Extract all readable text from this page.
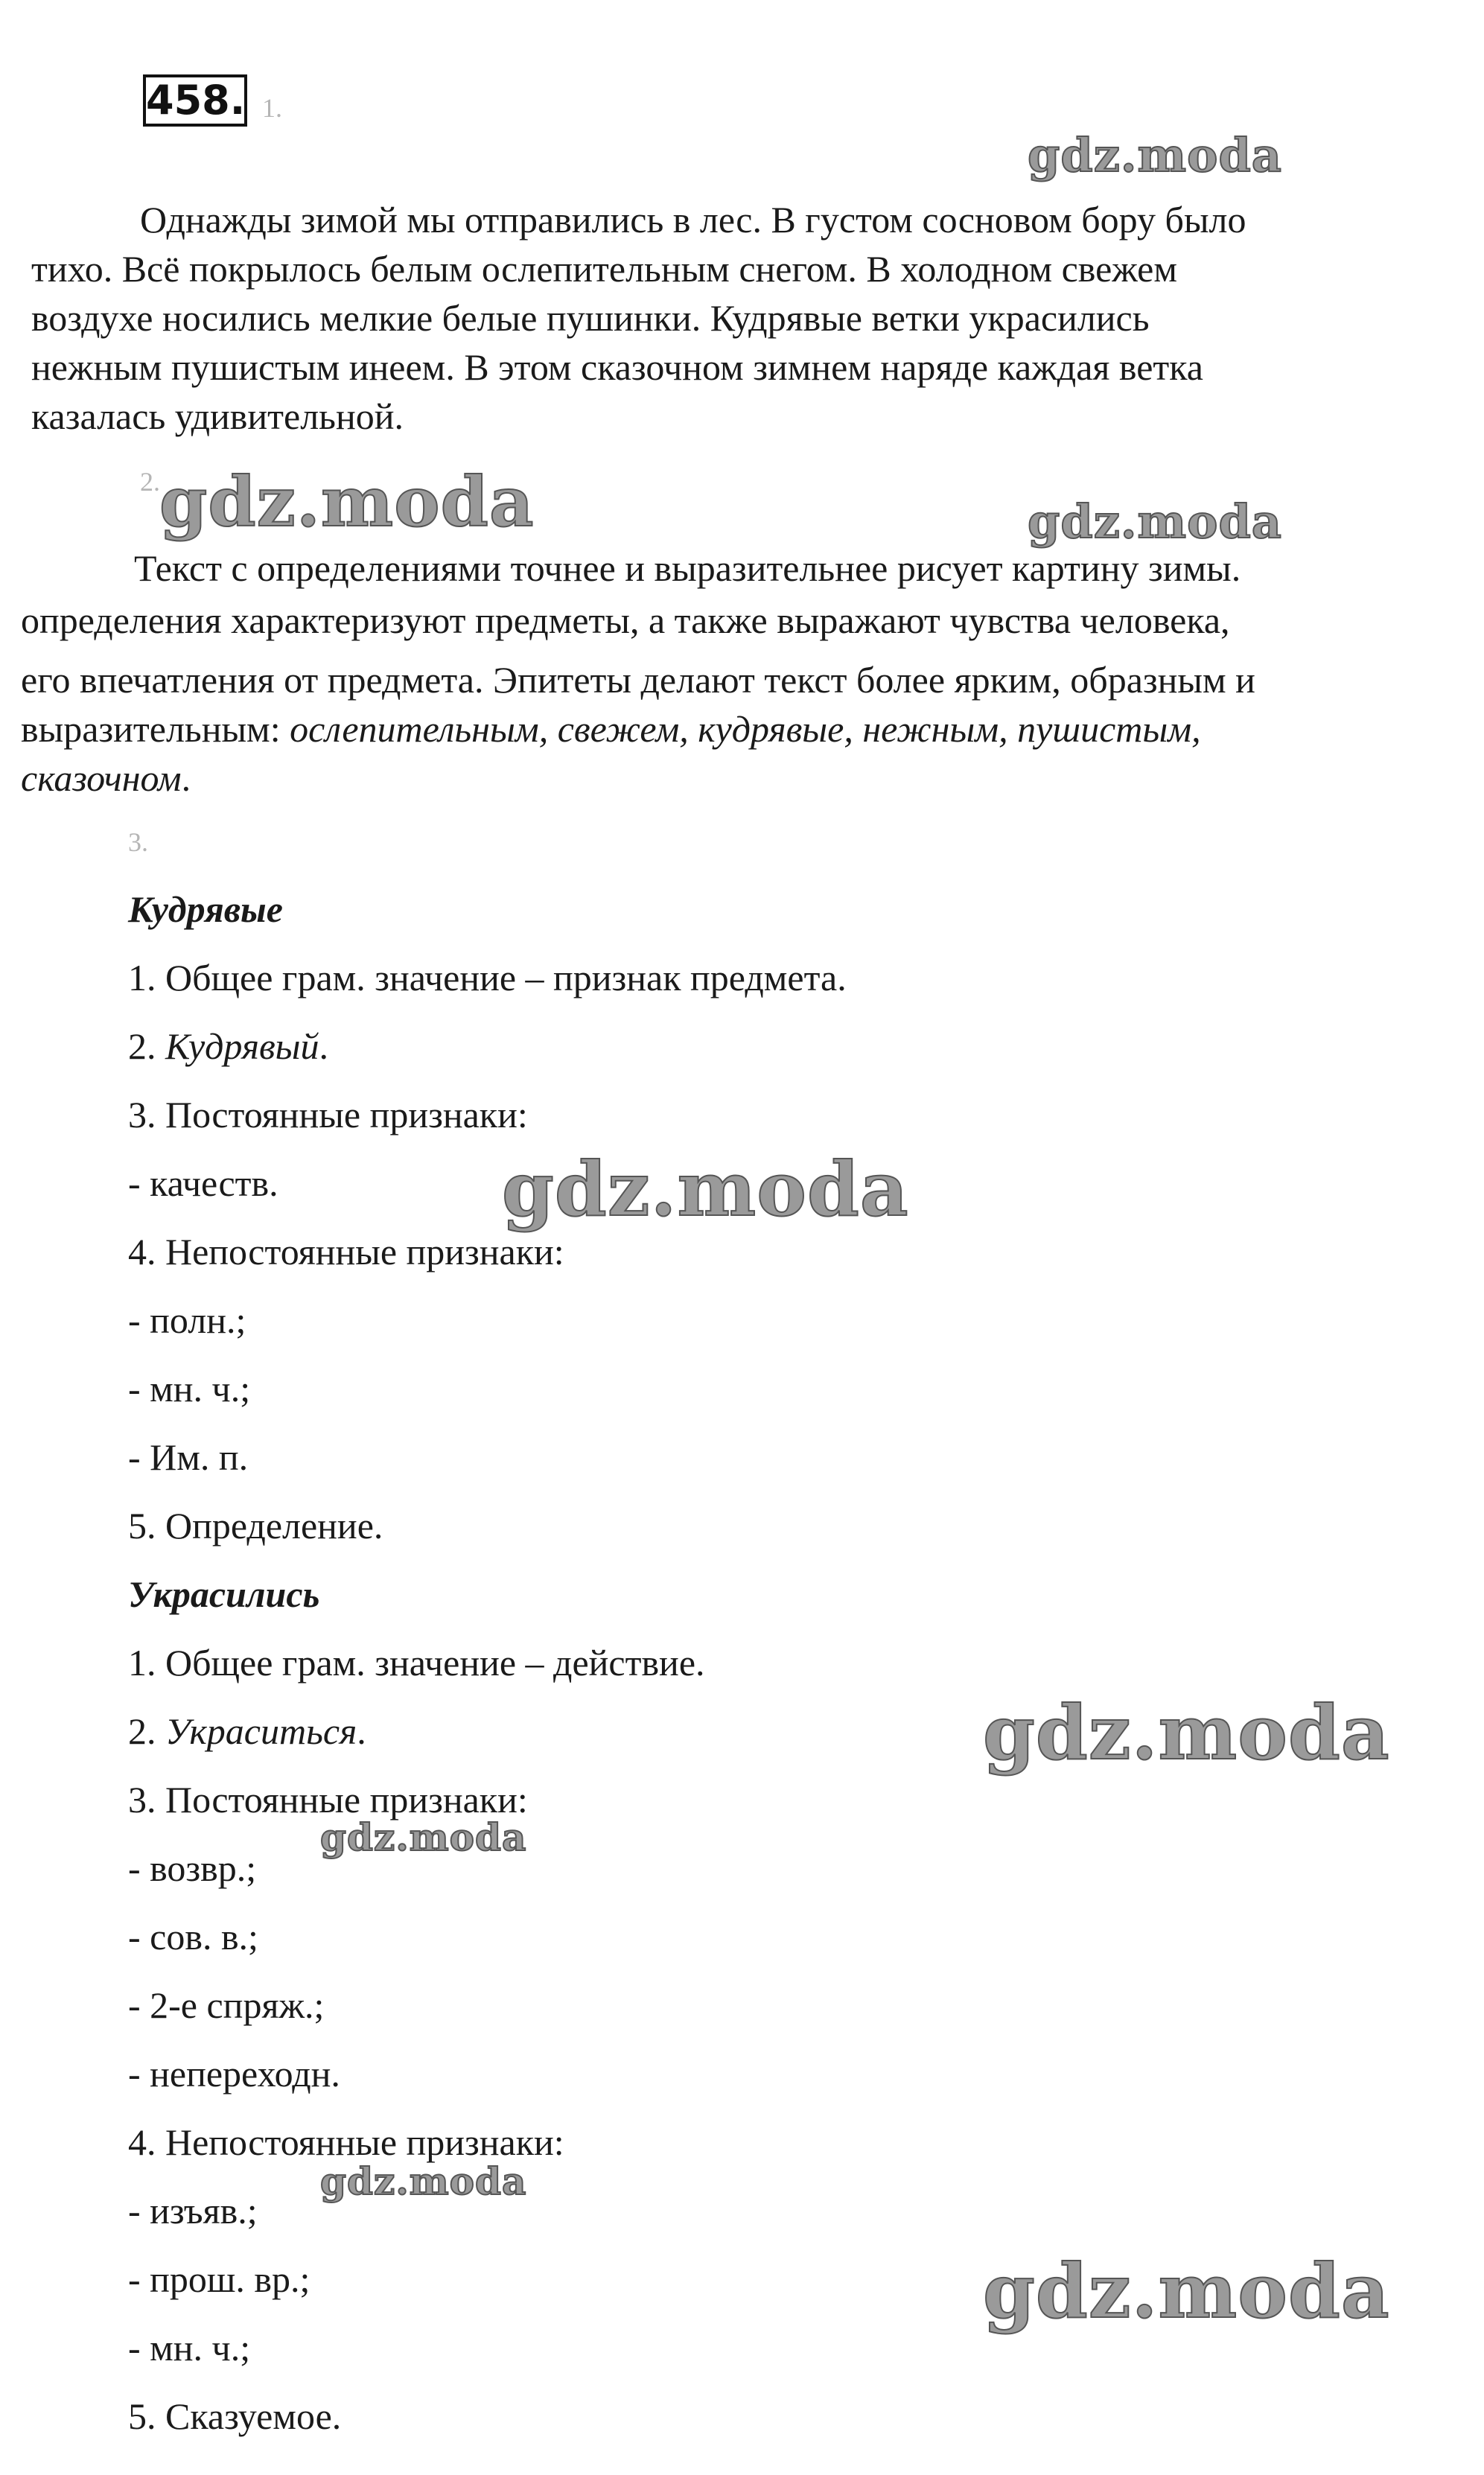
458. 1.
Однажды зимой мы отправились в лес. В густом сосновом бору было
тихо. Всё покрылось белым ослепительным снегом. В холодном свежем
воздухе носились мелкие белые пушинки. Кудрявые ветки украсились
нежным пушистым инеем. В этом сказочном зимнем наряде каждая ветка
казалась удивительной.
2.
Текст с определениями точнее и выразительнее рисует картину зимы.
определения характеризуют предметы, а также выражают чувства человека,
его впечатления от предмета. Эпитеты делают текст более ярким, образным и
выразительным: ослепительным, свежем, кудрявые, нежным, пушистым,
сказочном.
3.
Кудрявые
1. Общее грам. значение – признак предмета.
2. Кудрявый.
3. Постоянные признаки:
- качеств.
4. Непостоянные признаки:
- полн.;
- мн. ч.;
- Им. п.
5. Определение.
Украсились
1. Общее грам. значение – действие.
2. Украситься.
3. Постоянные признаки:
- возвр.;
- сов. в.;
- 2-е спряж.;
- непереходн.
4. Непостоянные признаки:
- изъяв.;
- прош. вр.;
- мн. ч.;
5. Сказуемое.
gdz.moda
gdz.moda	gdz.moda
gdz.moda
gdz.moda
gdz.moda
gdz.moda
gdz.moda
